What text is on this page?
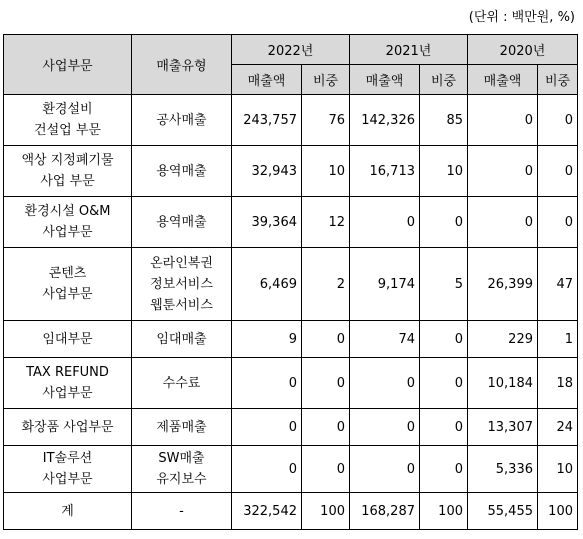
(단위 : 백만원, %)
사업부문	매출유형	2022년		2021년		2020년	
		매출액	비중	매출액	비중	매출액	비중

환경설비
건설업 부문	공사매출	243,757	76	142,326	85	0	0

액상 지정폐기물
사업 부문	용역매출	32,943	10	16,713	10	0	0

환경시설 O&M
사업부문	용역매출	39,364	12	0	0	0	0

콘텐츠
사업부문	온라인복권
정보서비스
웹툰서비스	6,469	2	9,174	5	26,399	47

임대부문	임대매출	9	0	74	0	229	1

TAX REFUND
사업부문	수수료	0	0	0	0	10,184	18

화장품 사업부문	제품매출	0	0	0	0	13,307	24

IT솔루션
사업부문	SW매출
유지보수	0	0	0	0	5,336	10

계	-	322,542	100	168,287	100	55,455	100
